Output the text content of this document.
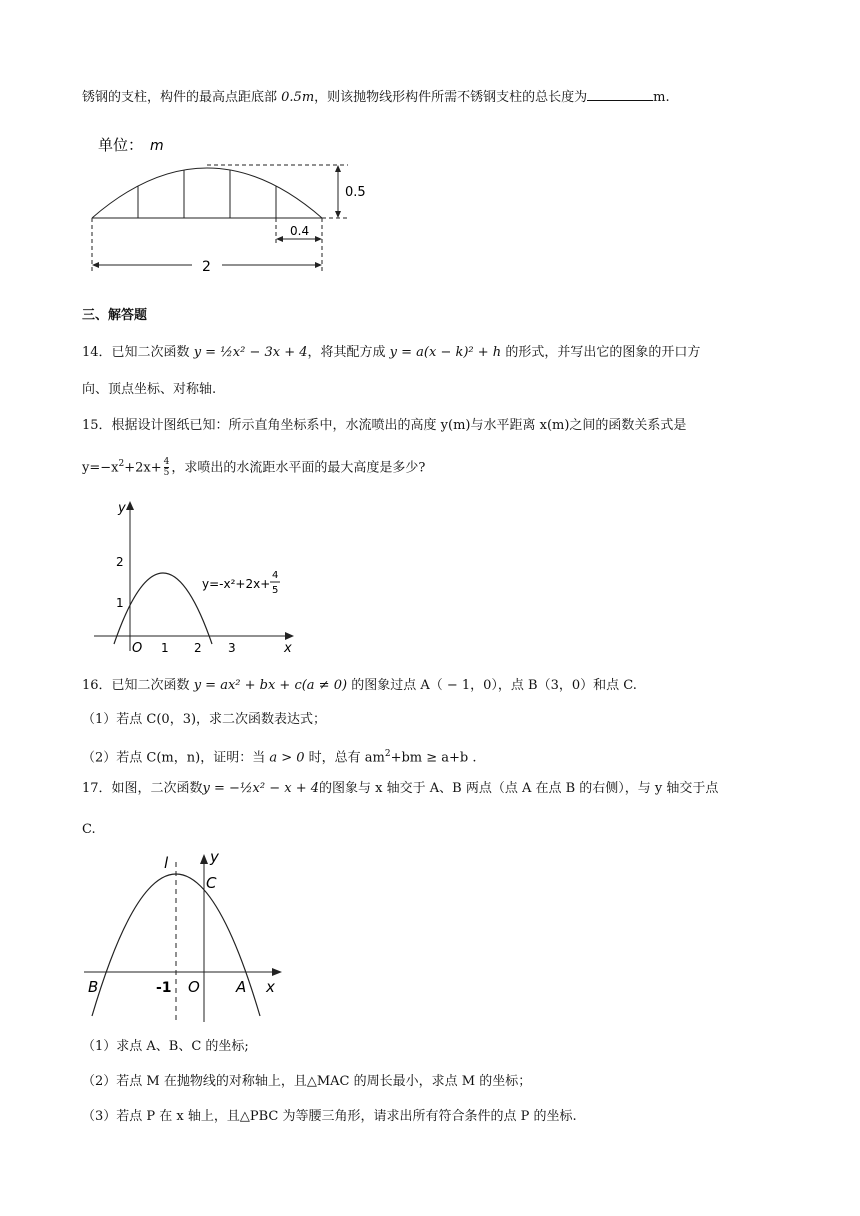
锈钢的支柱，构件的最高点距底部 0.5m，则该抛物线形构件所需不锈钢支柱的总长度为	m.
单位： m
0.5
0.4
2
三、解答题
14．已知二次函数 y = ½x² − 3x + 4，将其配方成 y = a(x − k)² + h 的形式，并写出它的图象的开口方
向、顶点坐标、对称轴.
15．根据设计图纸已知：所示直角坐标系中，水流喷出的高度 y(m)与水平距离 x(m)之间的函数关系式是
$y=-x^2+2x+ \frac{4}{5}$ ，求喷出的水流距水平面的最大高度是多少?
y
x
O 1 2 3
1
2
y=-x²+2x+
4
5
16．已知二次函数 y = ax² + bx + c(a ≠ 0) 的图象过点 A（ − 1，0），点 B（3，0）和点 C.
（1）若点 C(0，3)，求二次函数表达式；
（2）若点 C(m，n)，证明：当 a > 0 时，总有 $am^2+bm \ge a+b$ .
17．如图，二次函数y = −½x² − x + 4的图象与 x 轴交于 A、B 两点（点 A 在点 B 的右侧），与 y 轴交于点
C.
l	y
C
B	-1 O A x
（1）求点 A、B、C 的坐标;
（2）若点 M 在抛物线的对称轴上，且△MAC 的周长最小，求点 M 的坐标；
（3）若点 P 在 x 轴上，且△PBC 为等腰三角形，请求出所有符合条件的点 P 的坐标.
